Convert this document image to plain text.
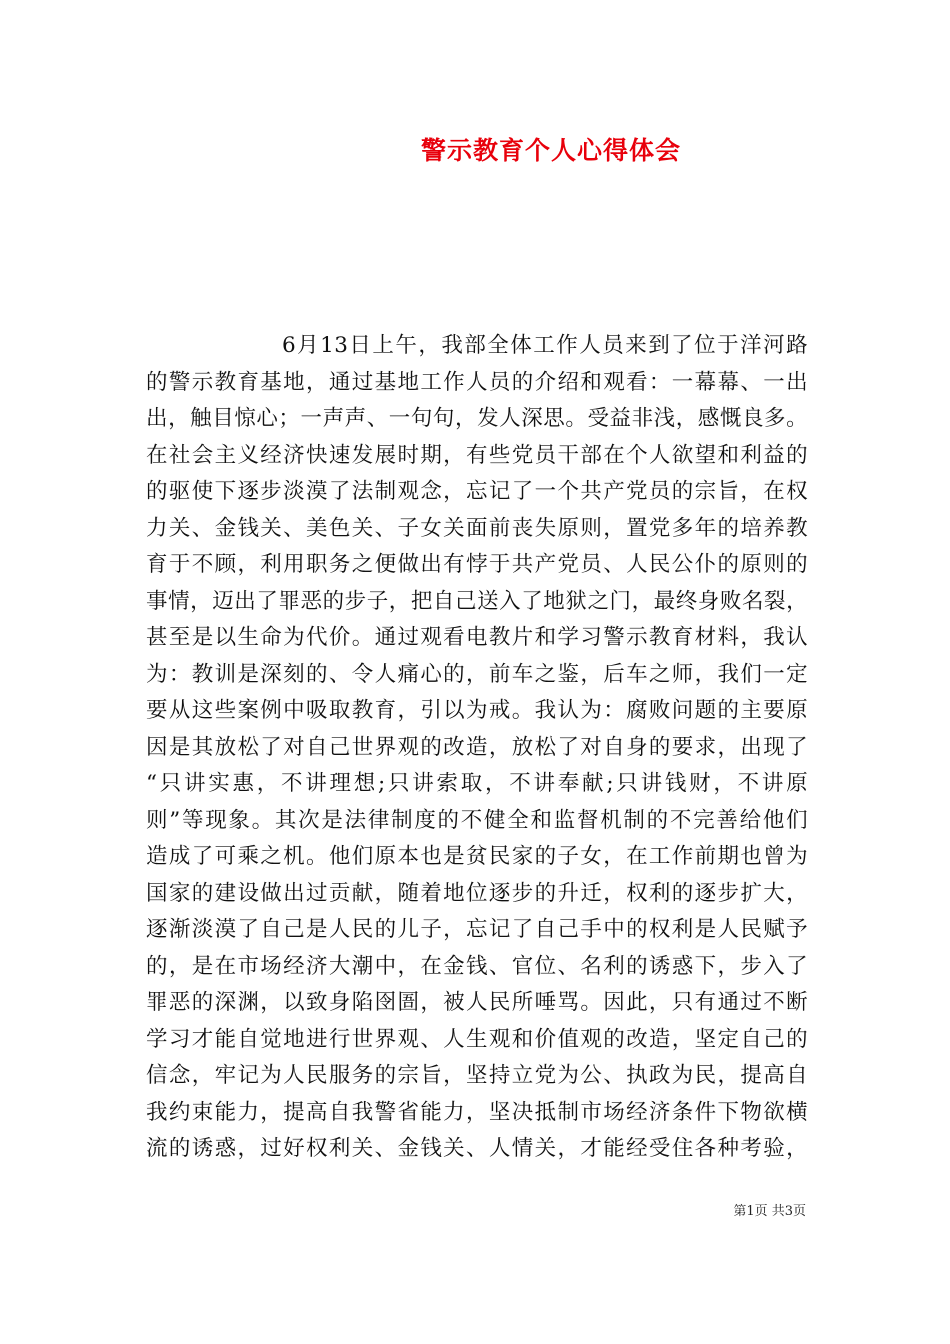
警示教育个人心得体会
6月13日上午，我部全体工作人员来到了位于洋河路
的警示教育基地，通过基地工作人员的介绍和观看：一幕幕、一出
出，触目惊心；一声声、一句句，发人深思。受益非浅，感慨良多。
在社会主义经济快速发展时期，有些党员干部在个人欲望和利益的
的驱使下逐步淡漠了法制观念，忘记了一个共产党员的宗旨，在权
力关、金钱关、美色关、子女关面前丧失原则，置党多年的培养教
育于不顾，利用职务之便做出有悖于共产党员、人民公仆的原则的
事情，迈出了罪恶的步子，把自己送入了地狱之门，最终身败名裂，
甚至是以生命为代价。通过观看电教片和学习警示教育材料，我认
为：教训是深刻的、令人痛心的，前车之鉴，后车之师，我们一定
要从这些案例中吸取教育，引以为戒。我认为：腐败问题的主要原
因是其放松了对自己世界观的改造，放松了对自身的要求，出现了
“只讲实惠，不讲理想;只讲索取，不讲奉献;只讲钱财，不讲原
则”等现象。其次是法律制度的不健全和监督机制的不完善给他们
造成了可乘之机。他们原本也是贫民家的子女，在工作前期也曾为
国家的建设做出过贡献，随着地位逐步的升迁，权利的逐步扩大，
逐渐淡漠了自己是人民的儿子，忘记了自己手中的权利是人民赋予
的，是在市场经济大潮中，在金钱、官位、名利的诱惑下，步入了
罪恶的深渊，以致身陷囹圄，被人民所唾骂。因此，只有通过不断
学习才能自觉地进行世界观、人生观和价值观的改造，坚定自己的
信念，牢记为人民服务的宗旨，坚持立党为公、执政为民，提高自
我约束能力，提高自我警省能力，坚决抵制市场经济条件下物欲横
流的诱惑，过好权利关、金钱关、人情关，才能经受住各种考验，
第1页 共3页
